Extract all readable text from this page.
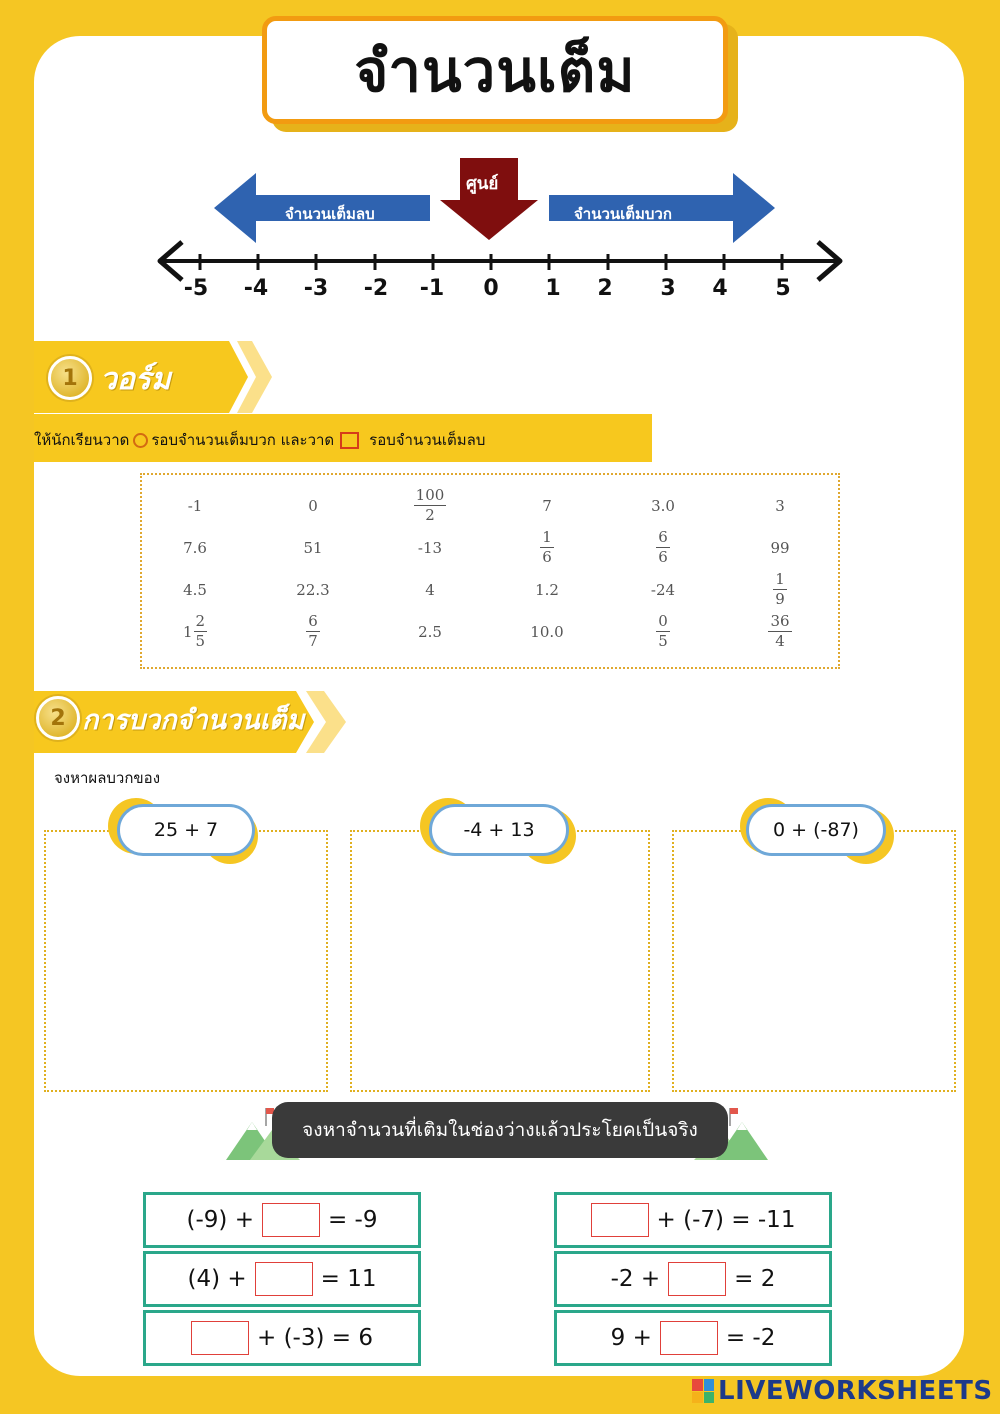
จำนวนเต็ม
จำนวนเต็มลบ	จำนวนเต็มบวก
ศูนย์
-5	-4	-3	-2	-1	0	1	2	3	4	5
1 วอร์ม
ให้นักเรียนวาด รอบจำนวนเต็มบวก และวาด รอบจำนวนเต็มลบ
-1	0	$\frac{100}{2}$	7	3.0	3
7.6	51	-13	$\frac{1}{6}$	$\frac{6}{6}$	99
4.5	22.3	4	1.2	-24	$\frac{1}{9}$
$1 \frac{2}{5}$	$\frac{6}{7}$	2.5	10.0	$\frac{0}{5}$	$\frac{36}{4}$
2 การบวกจำนวนเต็ม
จงหาผลบวกของ
25 + 7	-4 + 13	0 + (-87)
จงหาจำนวนที่เติมในช่องว่างแล้วประโยคเป็นจริง
(-9) +	= -9
(4) +	= 11
+ (-3) = 6
+ (-7) = -11
-2 +	= 2
9 +	= -2
LIVEWORKSHEETS
